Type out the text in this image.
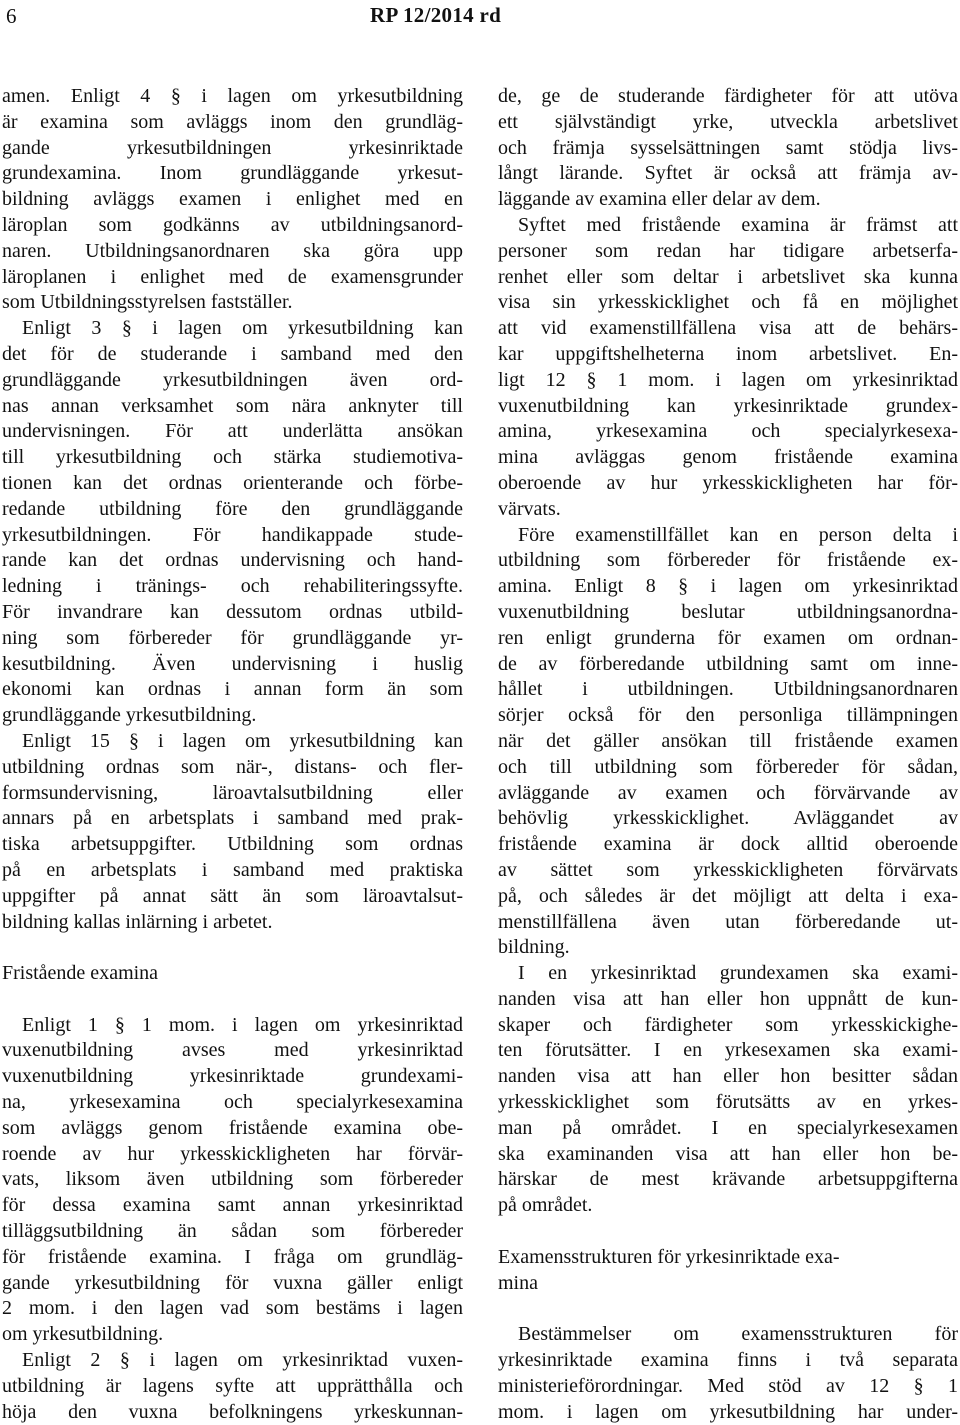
6	RP 12/2014 rd
amen. Enligt 4 § i lagen om yrkesutbildning
är examina som avläggs inom den grundläg-
gande yrkesutbildningen yrkesinriktade
grundexamina. Inom grundläggande yrkesut-
bildning avläggs examen i enlighet med en
läroplan som godkänns av utbildningsanord-
naren. Utbildningsanordnaren ska göra upp
läroplanen i enlighet med de examensgrunder
som Utbildningsstyrelsen fastställer.
Enligt 3 § i lagen om yrkesutbildning kan
det för de studerande i samband med den
grundläggande yrkesutbildningen även ord-
nas annan verksamhet som nära anknyter till
undervisningen. För att underlätta ansökan
till yrkesutbildning och stärka studiemotiva-
tionen kan det ordnas orienterande och förbe-
redande utbildning före den grundläggande
yrkesutbildningen. För handikappade stude-
rande kan det ordnas undervisning och hand-
ledning i tränings- och rehabiliteringssyfte.
För invandrare kan dessutom ordnas utbild-
ning som förbereder för grundläggande yr-
kesutbildning. Även undervisning i huslig
ekonomi kan ordnas i annan form än som
grundläggande yrkesutbildning.
Enligt 15 § i lagen om yrkesutbildning kan
utbildning ordnas som när-, distans- och fler-
formsundervisning, läroavtalsutbildning eller
annars på en arbetsplats i samband med prak-
tiska arbetsuppgifter. Utbildning som ordnas
på en arbetsplats i samband med praktiska
uppgifter på annat sätt än som läroavtalsut-
bildning kallas inlärning i arbetet.
Fristående examina
Enligt 1 § 1 mom. i lagen om yrkesinriktad
vuxenutbildning avses med yrkesinriktad
vuxenutbildning yrkesinriktade grundexami-
na, yrkesexamina och specialyrkesexamina
som avläggs genom fristående examina obe-
roende av hur yrkesskickligheten har förvär-
vats, liksom även utbildning som förbereder
för dessa examina samt annan yrkesinriktad
tilläggsutbildning än sådan som förbereder
för fristående examina. I fråga om grundläg-
gande yrkesutbildning för vuxna gäller enligt
2 mom. i den lagen vad som bestäms i lagen
om yrkesutbildning.
Enligt 2 § i lagen om yrkesinriktad vuxen-
utbildning är lagens syfte att upprätthålla och
höja den vuxna befolkningens yrkeskunnan-
de, ge de studerande färdigheter för att utöva
ett självständigt yrke, utveckla arbetslivet
och främja sysselsättningen samt stödja livs-
långt lärande. Syftet är också att främja av-
läggande av examina eller delar av dem.
Syftet med fristående examina är främst att
personer som redan har tidigare arbetserfa-
renhet eller som deltar i arbetslivet ska kunna
visa sin yrkesskicklighet och få en möjlighet
att vid examenstillfällena visa att de behärs-
kar uppgiftshelheterna inom arbetslivet. En-
ligt 12 § 1 mom. i lagen om yrkesinriktad
vuxenutbildning kan yrkesinriktade grundex-
amina, yrkesexamina och specialyrkesexa-
mina avläggas genom fristående examina
oberoende av hur yrkesskickligheten har för-
värvats.
Före examenstillfället kan en person delta i
utbildning som förbereder för fristående ex-
amina. Enligt 8 § i lagen om yrkesinriktad
vuxenutbildning beslutar utbildningsanordna-
ren enligt grunderna för examen om ordnan-
de av förberedande utbildning samt om inne-
hållet i utbildningen. Utbildningsanordnaren
sörjer också för den personliga tillämpningen
när det gäller ansökan till fristående examen
och till utbildning som förbereder för sådan,
avläggande av examen och förvärvande av
behövlig yrkesskicklighet. Avläggandet av
fristående examina är dock alltid oberoende
av sättet som yrkesskickligheten förvärvats
på, och således är det möjligt att delta i exa-
menstillfällena även utan förberedande ut-
bildning.
I en yrkesinriktad grundexamen ska exami-
nanden visa att han eller hon uppnått de kun-
skaper och färdigheter som yrkesskickighe-
ten förutsätter. I en yrkesexamen ska exami-
nanden visa att han eller hon besitter sådan
yrkesskicklighet som förutsätts av en yrkes-
man på området. I en specialyrkesexamen
ska examinanden visa att han eller hon be-
härskar de mest krävande arbetsuppgifterna
på området.
Examensstrukturen för yrkesinriktade exa-
mina
Bestämmelser om examensstrukturen för
yrkesinriktade examina finns i två separata
ministerieförordningar. Med stöd av 12 § 1
mom. i lagen om yrkesutbildning har under-
